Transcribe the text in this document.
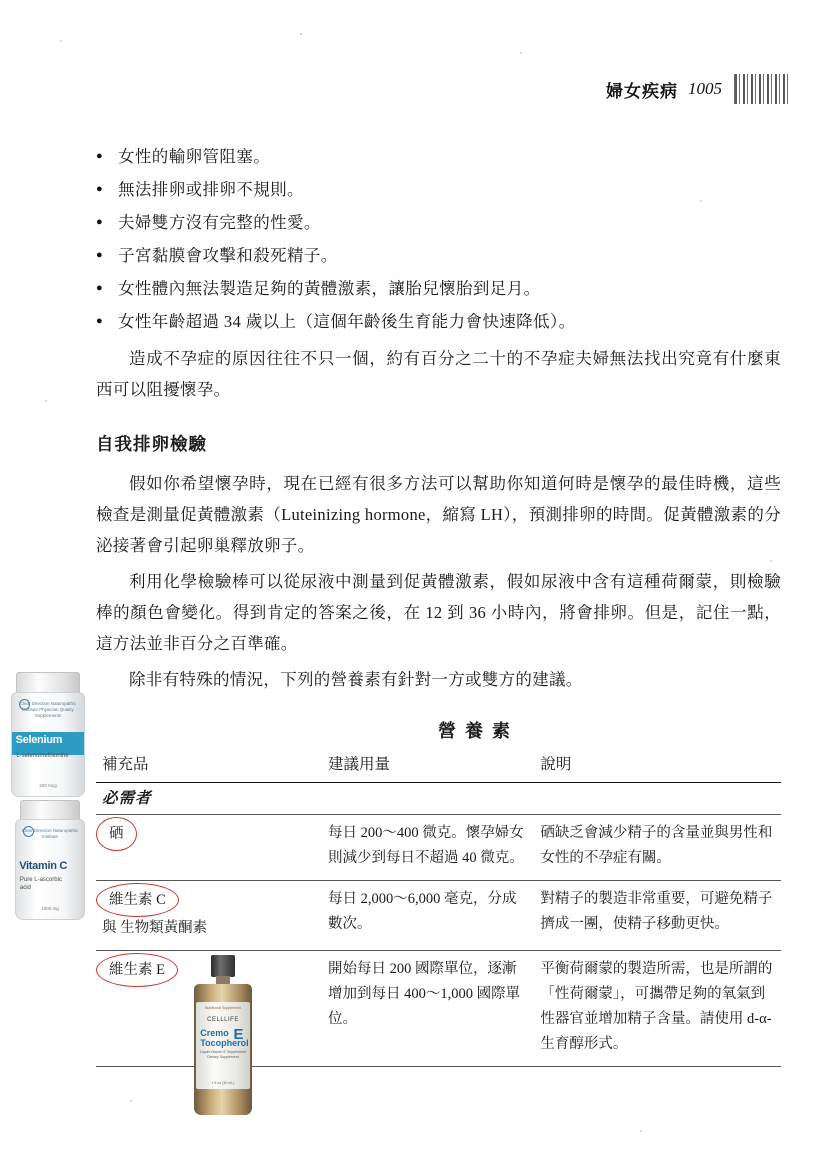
婦女疾病 1005
● 女性的輸卵管阻塞。
● 無法排卵或排卵不規則。
● 夫婦雙方沒有完整的性愛。
● 子宮黏膜會攻擊和殺死精子。
● 女性體內無法製造足夠的黃體激素，讓胎兒懷胎到足月。
● 女性年齡超過 34 歲以上（這個年齡後生育能力會快速降低）。

造成不孕症的原因往往不只一個，約有百分之二十的不孕症夫婦無法找出究竟有什麼東西可以阻擾懷孕。

自我排卵檢驗

假如你希望懷孕時，現在已經有很多方法可以幫助你知道何時是懷孕的最佳時機，這些檢查是測量促黃體激素（Luteinizing hormone，縮寫 LH），預測排卵的時間。促黃體激素的分泌接著會引起卵巢釋放卵子。

利用化學檢驗棒可以從尿液中測量到促黃體激素，假如尿液中含有這種荷爾蒙，則檢驗棒的顏色會變化。得到肯定的答案之後，在 12 到 36 小時內，將會排卵。但是，記住一點，這方法並非百分之百準確。

除非有特殊的情況，下列的營養素有針對一方或雙方的建議。

營養素
補充品	建議用量	說明
必需者		
硒	每日 200～400 微克。懷孕婦女則減少到每日不超過 40 微克。	硒缺乏會減少精子的含量並與男性和女性的不孕症有關。
維生素 C
與 生物類黃酮素	每日 2,000～6,000 毫克，分成數次。	對精子的製造非常重要，可避免精子擠成一團，使精子移動更快。
維生素 E	開始每日 200 國際單位，逐漸增加到每日 400～1,000 國際單位。	平衡荷爾蒙的製造所需，也是所謂的「性荷爾蒙」，可攜帶足夠的氧氣到性器官並增加精子含量。請使用 d-α-生育醇形式。
Clear Direction Naturopathic Institute Physician Quality Supplements
Selenium
L-selenomethionine
200 mcg
Clear Direction Naturopathic Institute
Vitamin C
Pure L-ascorbic
acid
1000 mg
Nutritional Supplement
CELLLIFE
Cremo Tocopherol
E
Liquid Vitamin E Supplement Dietary Supplement
1 fl oz (30 mL)
